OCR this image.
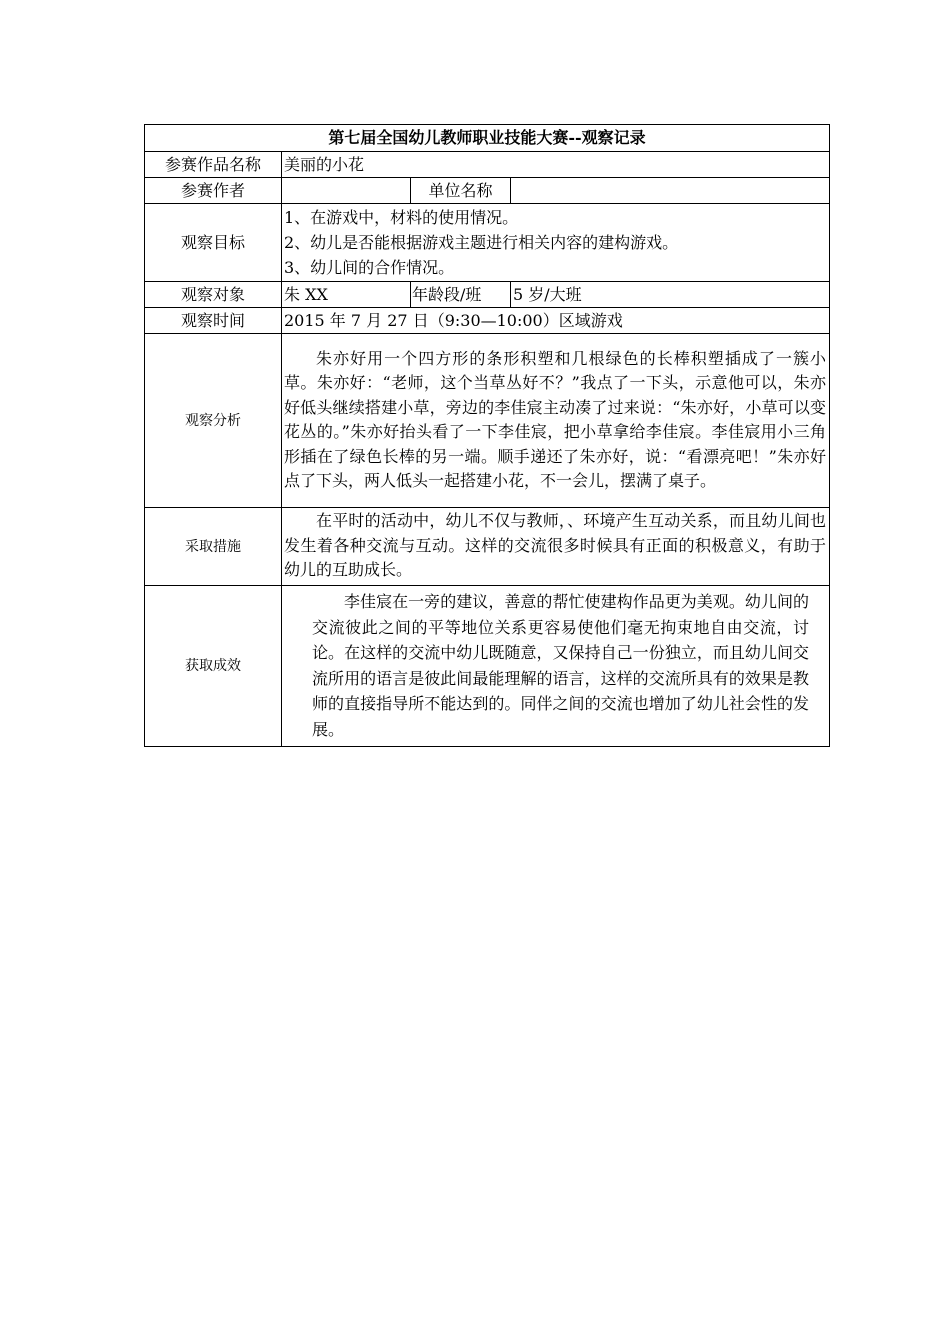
第七届全国幼儿教师职业技能大赛--观察记录			
参赛作品名称	美丽的小花		
参赛作者		单位名称	
观察目标	1、在游戏中，材料的使用情况。
2、幼儿是否能根据游戏主题进行相关内容的建构游戏。
3、幼儿间的合作情况。		

观察对象	朱 XX	年龄段/班	5 岁/大班
观察时间	2015 年 7 月 27 日（9:30—10:00）区域游戏		
观察分析	朱亦好用一个四方形的条形积塑和几根绿色的长棒积塑插成了一簇小草。朱亦好：“老师，这个当草丛好不？”我点了一下头，示意他可以，朱亦好低头继续搭建小草，旁边的李佳宸主动凑了过来说：“朱亦好，小草可以变花丛的。”朱亦好抬头看了一下李佳宸，把小草拿给李佳宸。李佳宸用小三角形插在了绿色长棒的另一端。顺手递还了朱亦好，说：“看漂亮吧！”朱亦好点了下头，两人低头一起搭建小花，不一会儿，摆满了桌子。		
采取措施	在平时的活动中，幼儿不仅与教师，、环境产生互动关系，而且幼儿间也发生着各种交流与互动。这样的交流很多时候具有正面的积极意义，有助于幼儿的互助成长。		
获取成效	李佳宸在一旁的建议，善意的帮忙使建构作品更为美观。幼儿间的交流彼此之间的平等地位关系更容易使他们毫无拘束地自由交流，讨论。在这样的交流中幼儿既随意，又保持自己一份独立，而且幼儿间交流所用的语言是彼此间最能理解的语言，这样的交流所具有的效果是教师的直接指导所不能达到的。同伴之间的交流也增加了幼儿社会性的发展。		
